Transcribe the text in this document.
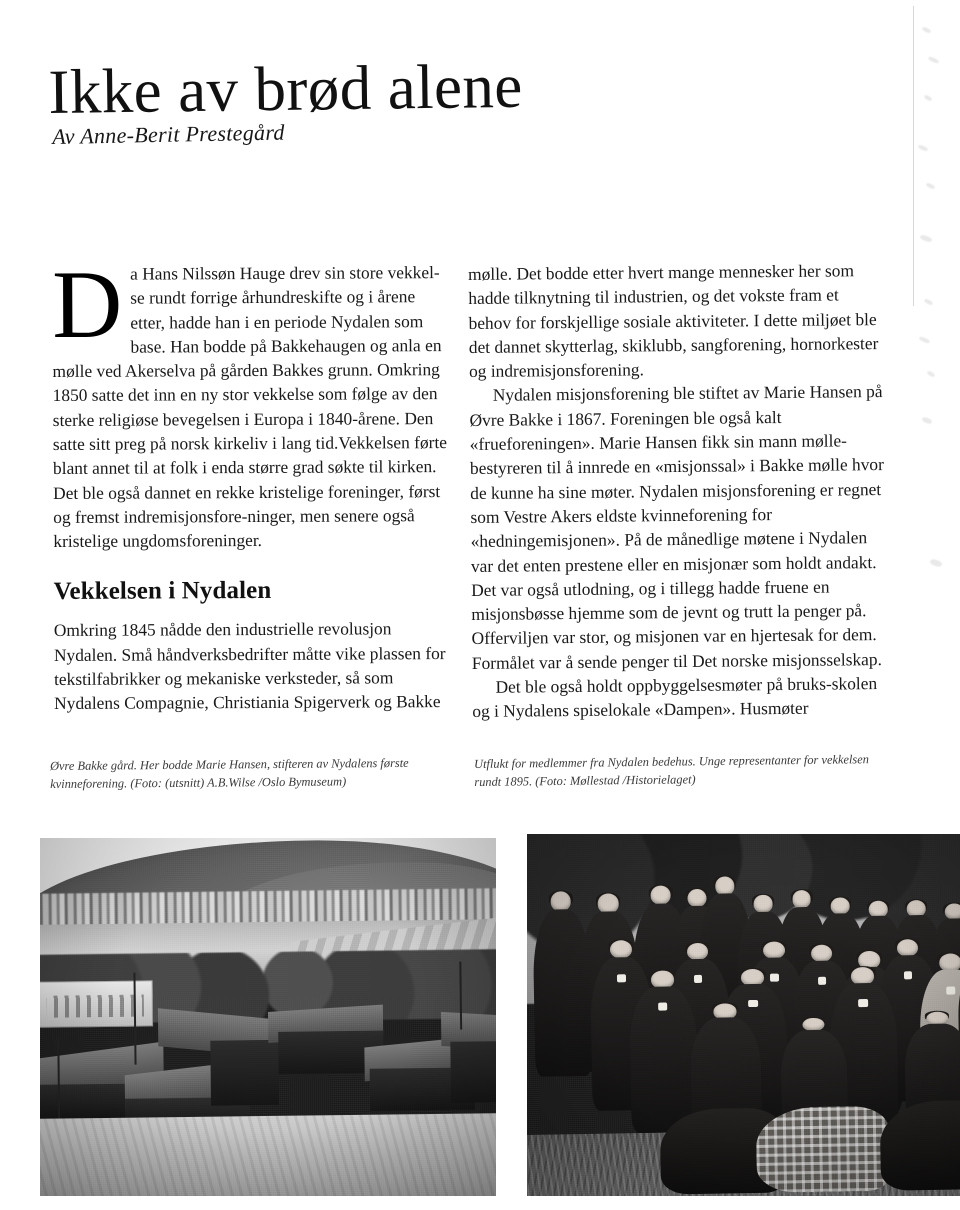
Ikke av brød alene
Av Anne-Berit Prestegård

Da Hans Nilssøn Hauge drev sin store vekkel- se rundt forrige århundreskifte og i årene etter, hadde han i en periode Nydalen som base. Han bodde på Bakkehaugen og anla en mølle ved Akerselva på gården Bakkes grunn. Omkring 1850 satte det inn en ny stor vekkelse som følge av den sterke religiøse bevegelsen i Europa i 1840-årene. Den satte sitt preg på norsk kirkeliv i lang tid.Vekkelsen førte blant annet til at folk i enda større grad søkte til kirken. Det ble også dannet en rekke kristelige foreninger, først og fremst indremisjonsfore-ninger, men senere også kristelige ungdomsforeninger.

Vekkelsen i Nydalen

Omkring 1845 nådde den industrielle revolusjon Nydalen. Små håndverksbedrifter måtte vike plassen for tekstilfabrikker og mekaniske verksteder, så som Nydalens Compagnie, Christiania Spigerverk og Bakke

mølle. Det bodde etter hvert mange mennesker her som hadde tilknytning til industrien, og det vokste fram et behov for forskjellige sosiale aktiviteter. I dette miljøet ble det dannet skytterlag, skiklubb, sangforening, hornorkester og indremisjonsforening.

Nydalen misjonsforening ble stiftet av Marie Hansen på Øvre Bakke i 1867. Foreningen ble også kalt «frueforeningen». Marie Hansen fikk sin mann mølle-bestyreren til å innrede en «misjonssal» i Bakke mølle hvor de kunne ha sine møter. Nydalen misjonsforening er regnet som Vestre Akers eldste kvinneforening for «hedningemisjonen». På de månedlige møtene i Nydalen var det enten prestene eller en misjonær som holdt andakt. Det var også utlodning, og i tillegg hadde fruene en misjonsbøsse hjemme som de jevnt og trutt la penger på. Offerviljen var stor, og misjonen var en hjertesak for dem. Formålet var å sende penger til Det norske misjonsselskap.

Det ble også holdt oppbyggelsesmøter på bruks-skolen og i Nydalens spiselokale «Dampen». Husmøter

Øvre Bakke gård. Her bodde Marie Hansen, stifteren av Nydalens første kvinneforening. (Foto: (utsnitt) A.B.Wilse /Oslo Bymuseum)
Utflukt for medlemmer fra Nydalen bedehus. Unge representanter for vekkelsen rundt 1895. (Foto: Møllestad /Historielaget)
